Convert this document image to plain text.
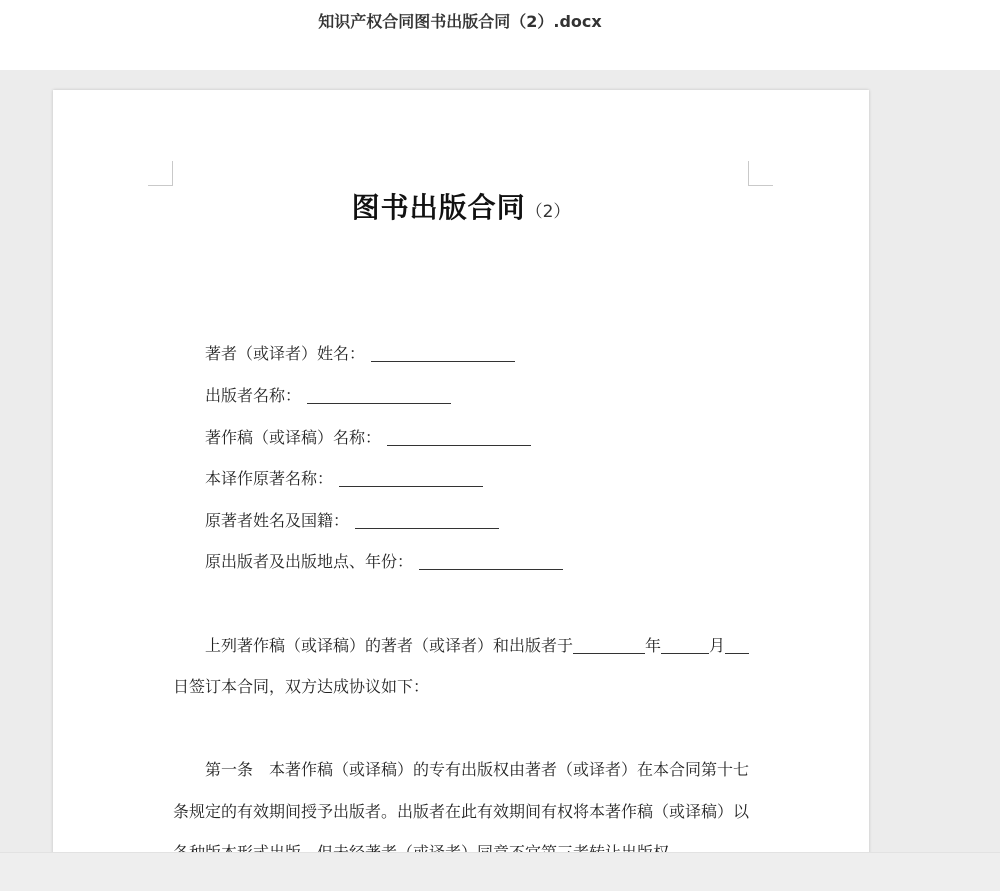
知识产权合同图书出版合同（2）.docx
图书出版合同（2）
著者（或译者）姓名：
出版者名称：
著作稿（或译稿）名称：
本译作原著名称：
原著者姓名及国籍：
原出版者及出版地点、年份：
上列著作稿（或译稿）的著者（或译者）和出版者于	年	月
日签订本合同，双方达成协议如下：
第一条　本著作稿（或译稿）的专有出版权由著者（或译者）在本合同第十七
条规定的有效期间授予出版者。出版者在此有效期间有权将本著作稿（或译稿）以
